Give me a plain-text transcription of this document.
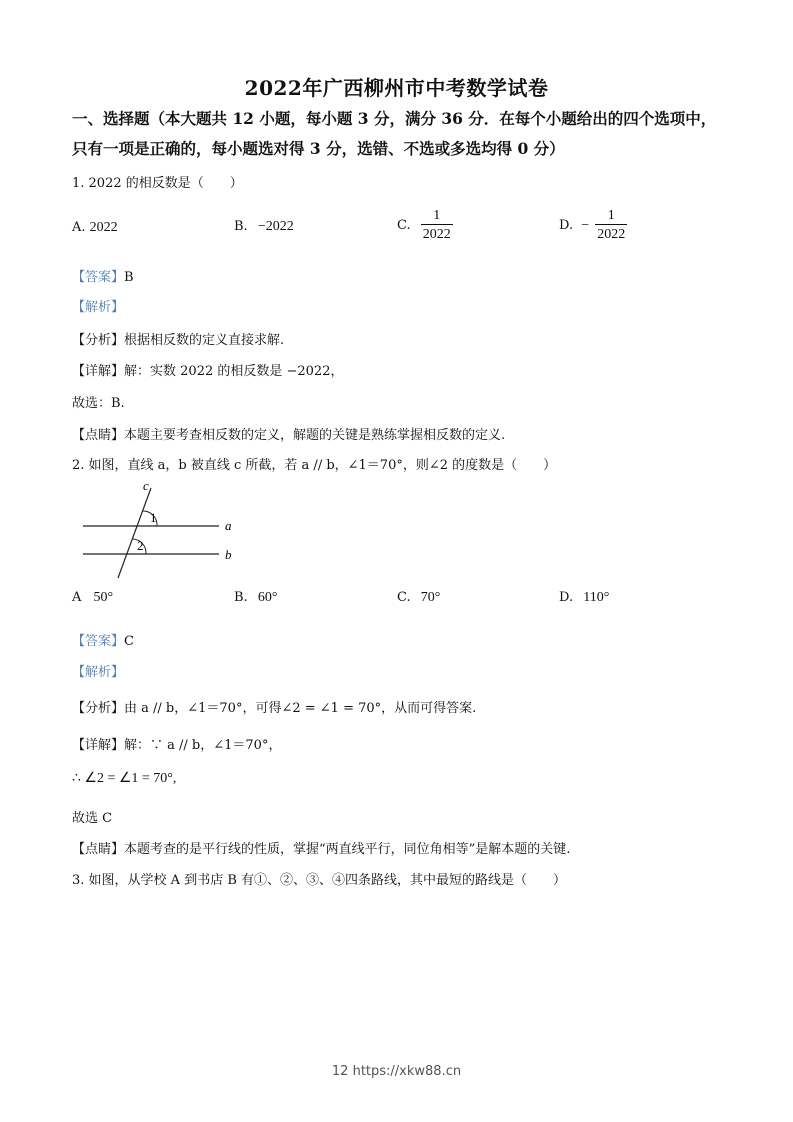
2022年广西柳州市中考数学试卷
一、选择题（本大题共 12 小题，每小题 3 分，满分 36 分．在每个小题给出的四个选项中，
只有一项是正确的，每小题选对得 3 分，选错、不选或多选均得 0 分）
1. 2022 的相反数是（　　）
A. 2022	B. −2022	C. $\frac{1}{2022}$	D. − $\frac{1}{2022}$
【答案】B
【解析】
【分析】根据相反数的定义直接求解.
【详解】解：实数 2022 的相反数是 −2022，
故选：B.
【点睛】本题主要考查相反数的定义，解题的关键是熟练掌握相反数的定义.
2. 如图，直线 a，b 被直线 c 所截，若 a // b，∠1＝70°，则∠2 的度数是（　　）
c
1
2
a
b
A 50°	B. 60°	C. 70°	D. 110°
【答案】C
【解析】
【分析】由 a // b，∠1＝70°，可得∠2 = ∠1 = 70°，从而可得答案.
【详解】解：∵ a // b，∠1＝70°，
∴ ∠2 = ∠1 = 70°,
故选 C
【点睛】本题考查的是平行线的性质，掌握“两直线平行，同位角相等”是解本题的关键.
3. 如图，从学校 A 到书店 B 有①、②、③、④四条路线，其中最短的路线是（　　）
12 https://xkw88.cn
